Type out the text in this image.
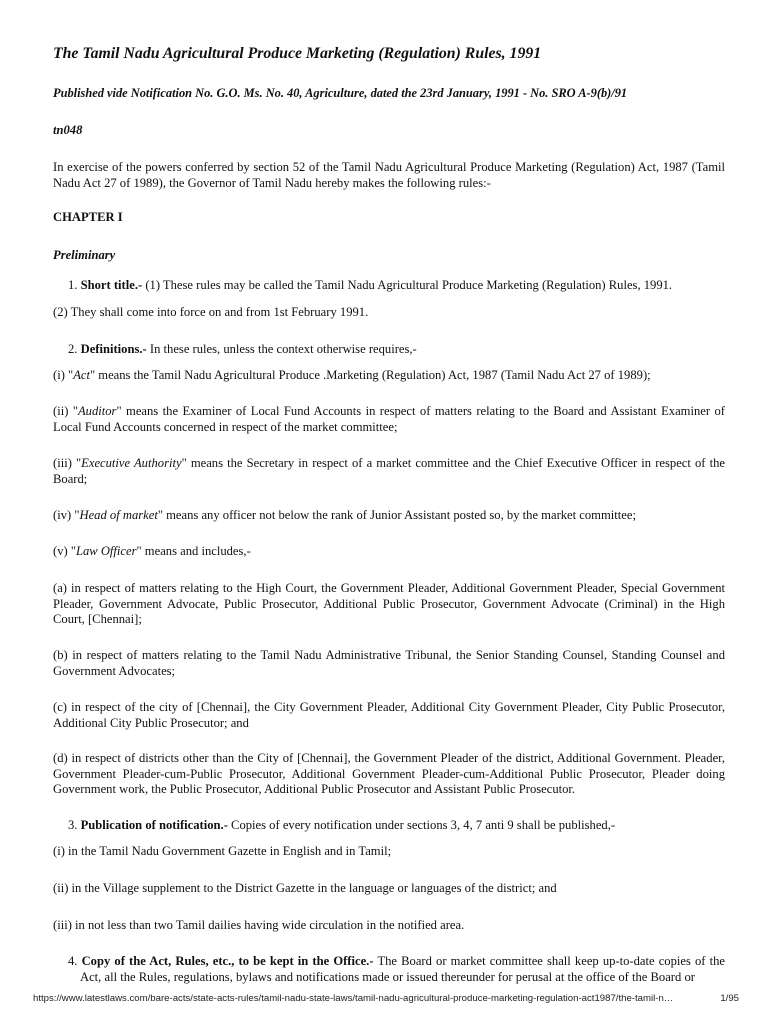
The Tamil Nadu Agricultural Produce Marketing (Regulation) Rules, 1991
Published vide Notification No. G.O. Ms. No. 40, Agriculture, dated the 23rd January, 1991 - No. SRO A-9(b)/91
tn048
In exercise of the powers conferred by section 52 of the Tamil Nadu Agricultural Produce Marketing (Regulation) Act, 1987 (Tamil Nadu Act 27 of 1989), the Governor of Tamil Nadu hereby makes the following rules:-
CHAPTER I
Preliminary
1. Short title.- (1) These rules may be called the Tamil Nadu Agricultural Produce Marketing (Regulation) Rules, 1991.
(2) They shall come into force on and from 1st February 1991.
2. Definitions.- In these rules, unless the context otherwise requires,-
(i) "Act" means the Tamil Nadu Agricultural Produce .Marketing (Regulation) Act, 1987 (Tamil Nadu Act 27 of 1989);
(ii) "Auditor" means the Examiner of Local Fund Accounts in respect of matters relating to the Board and Assistant Examiner of Local Fund Accounts concerned in respect of the market committee;
(iii) "Executive Authority" means the Secretary in respect of a market committee and the Chief Executive Officer in respect of the Board;
(iv) "Head of market" means any officer not below the rank of Junior Assistant posted so, by the market committee;
(v) "Law Officer" means and includes,-
(a) in respect of matters relating to the High Court, the Government Pleader, Additional Government Pleader, Special Government Pleader, Government Advocate, Public Prosecutor, Additional Public Prosecutor, Government Advocate (Criminal) in the High Court, [Chennai];
(b) in respect of matters relating to the Tamil Nadu Administrative Tribunal, the Senior Standing Counsel, Standing Counsel and Government Advocates;
(c) in respect of the city of [Chennai], the City Government Pleader, Additional City Government Pleader, City Public Prosecutor, Additional City Public Prosecutor; and
(d) in respect of districts other than the City of [Chennai], the Government Pleader of the district, Additional Government. Pleader, Government Pleader-cum-Public Prosecutor, Additional Government Pleader-cum-Additional Public Prosecutor, Pleader doing Government work, the Public Prosecutor, Additional Public Prosecutor and Assistant Public Prosecutor.
3. Publication of notification.- Copies of every notification under sections 3, 4, 7 anti 9 shall be published,-
(i) in the Tamil Nadu Government Gazette in English and in Tamil;
(ii) in the Village supplement to the District Gazette in the language or languages of the district; and
(iii) in not less than two Tamil dailies having wide circulation in the notified area.
4. Copy of the Act, Rules, etc., to be kept in the Office.- The Board or market committee shall keep up-to-date copies of the Act, all the Rules, regulations, bylaws and notifications made or issued thereunder for perusal at the office of the Board or
https://www.latestlaws.com/bare-acts/state-acts-rules/tamil-nadu-state-laws/tamil-nadu-agricultural-produce-marketing-regulation-act1987/the-tamil-n…	1/95
